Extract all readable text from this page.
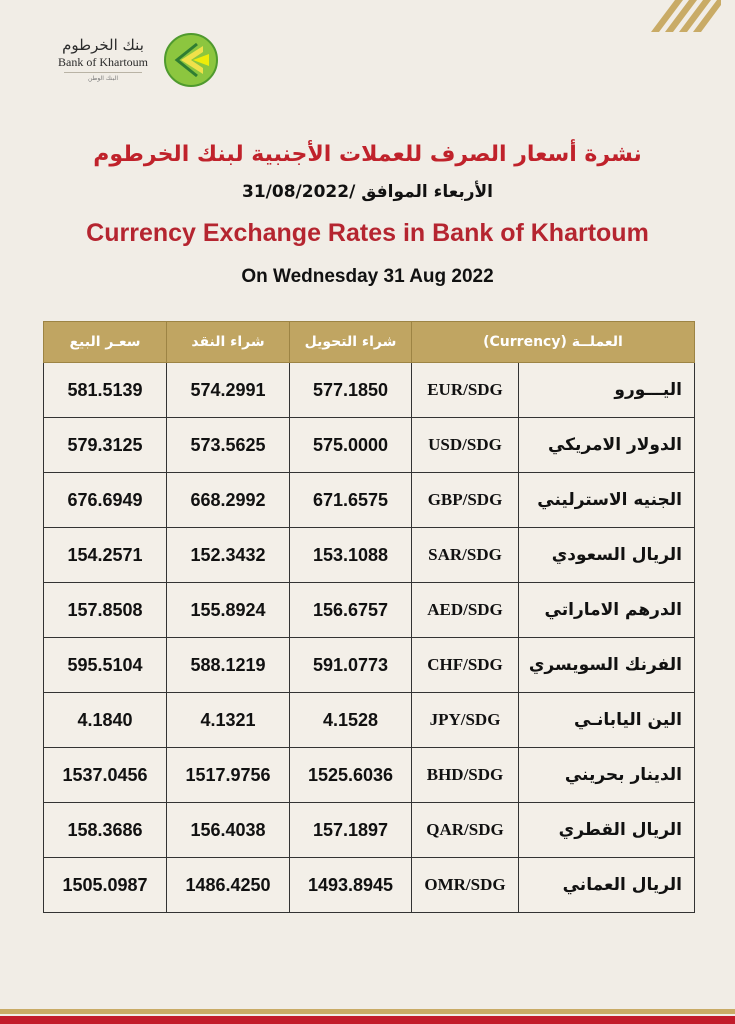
بنك الخرطوم
Bank of Khartoum
البنك الوطن
نشرة أسعار الصرف للعملات الأجنبية لبنك الخرطوم
الأربعاء الموافق /31/08/2022
Currency Exchange Rates in Bank of Khartoum
On Wednesday 31 Aug 2022
سعـر البيع	شراء النقد	شراء التحويل	العملــة (Currency)
581.5139	574.2991	577.1850	EUR/SDG اليـــورو

579.3125	573.5625	575.0000	USD/SDG الدولار الامريكي

676.6949	668.2992	671.6575	GBP/SDG الجنيه الاسترليني

154.2571	152.3432	153.1088	SAR/SDG الريال السعودي

157.8508	155.8924	156.6757	AED/SDG الدرهم الاماراتي

595.5104	588.1219	591.0773	CHF/SDG الفرنك السويسري

4.1840	4.1321	4.1528	JPY/SDG الين اليابانـي

1537.0456	1517.9756	1525.6036	BHD/SDG الدينار بحريني

158.3686	156.4038	157.1897	QAR/SDG الريال القطري

1505.0987	1486.4250	1493.8945	OMR/SDG الريال العماني
